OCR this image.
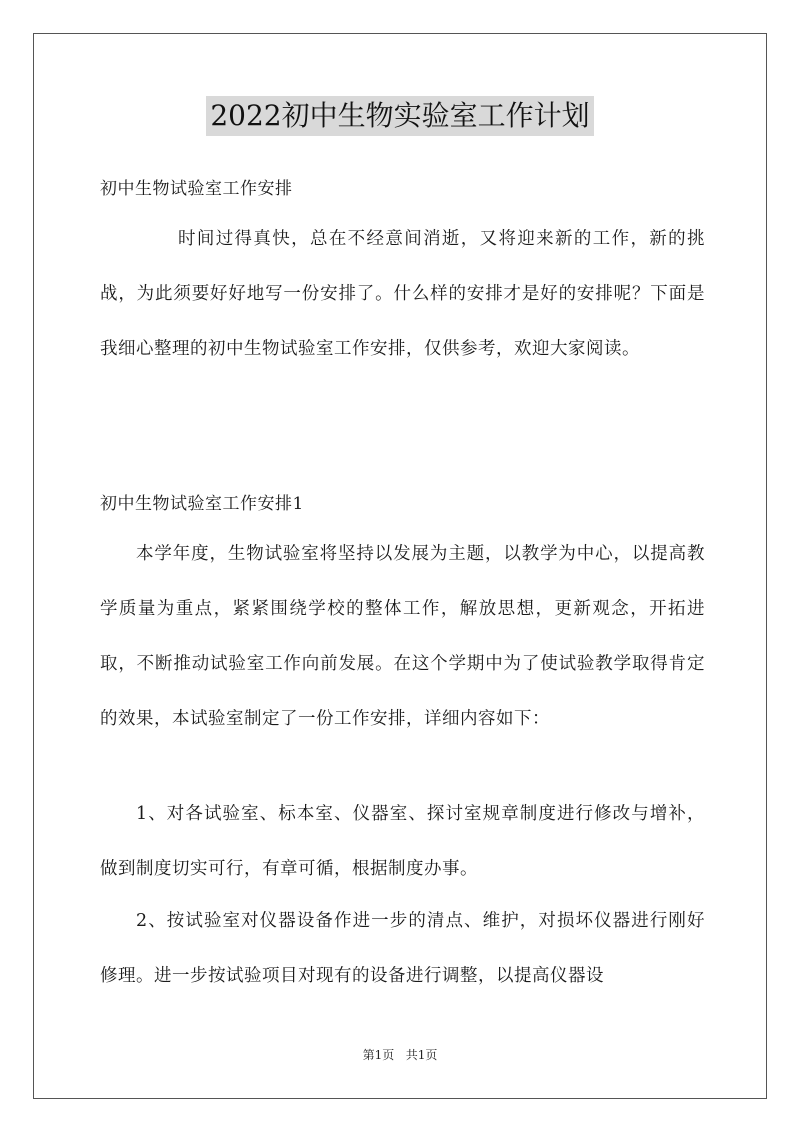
2022初中生物实验室工作计划

初中生物试验室工作安排

时间过得真快，总在不经意间消逝，又将迎来新的工作，新的挑战，为此须要好好地写一份安排了。什么样的安排才是好的安排呢？下面是我细心整理的初中生物试验室工作安排，仅供参考，欢迎大家阅读。

初中生物试验室工作安排1

本学年度，生物试验室将坚持以发展为主题，以教学为中心，以提高教学质量为重点，紧紧围绕学校的整体工作，解放思想，更新观念，开拓进取，不断推动试验室工作向前发展。在这个学期中为了使试验教学取得肯定的效果，本试验室制定了一份工作安排，详细内容如下：

1、对各试验室、标本室、仪器室、探讨室规章制度进行修改与增补，做到制度切实可行，有章可循，根据制度办事。

2、按试验室对仪器设备作进一步的清点、维护，对损坏仪器进行刚好修理。进一步按试验项目对现有的设备进行调整，以提高仪器设

第1页 共1页
